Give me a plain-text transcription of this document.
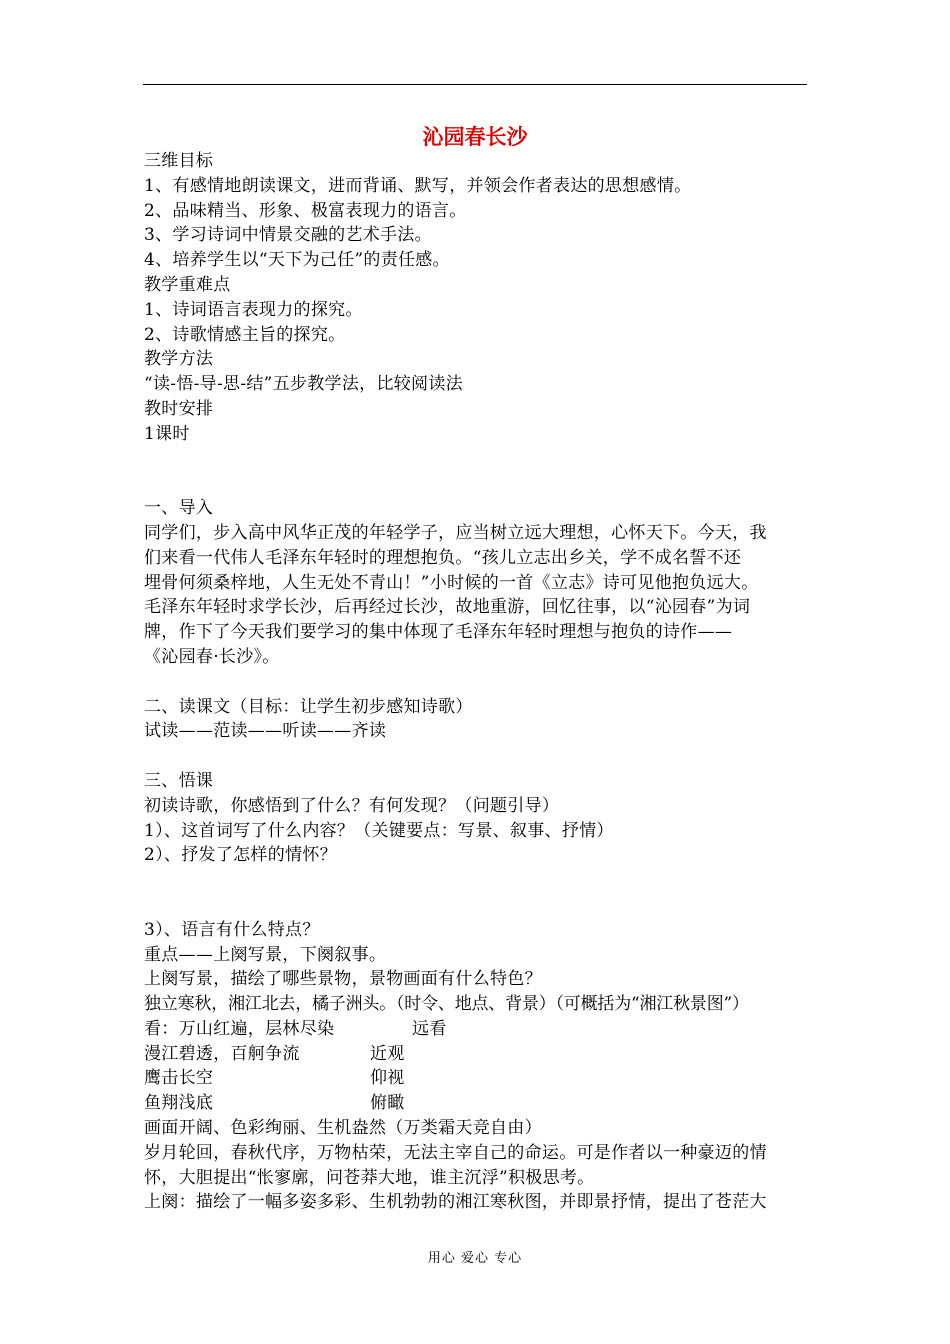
沁园春长沙
三维目标
1、有感情地朗读课文，进而背诵、默写，并领会作者表达的思想感情。
2、品味精当、形象、极富表现力的语言。
3、学习诗词中情景交融的艺术手法。
4、培养学生以“天下为己任”的责任感。
教学重难点
1、诗词语言表现力的探究。
2、诗歌情感主旨的探究。
教学方法
“读-悟-导-思-结”五步教学法，比较阅读法
教时安排
1课时
一、导入
同学们，步入高中风华正茂的年轻学子，应当树立远大理想，心怀天下。今天，我
们来看一代伟人毛泽东年轻时的理想抱负。“孩儿立志出乡关，学不成名誓不还
埋骨何须桑梓地，人生无处不青山！”小时候的一首《立志》诗可见他抱负远大。
毛泽东年轻时求学长沙，后再经过长沙，故地重游，回忆往事，以“沁园春”为词
牌，作下了今天我们要学习的集中体现了毛泽东年轻时理想与抱负的诗作——
《沁园春·长沙》。
二、读课文（目标：让学生初步感知诗歌）
试读——范读——听读——齐读
三、悟课
初读诗歌，你感悟到了什么？有何发现？（问题引导）
1）、这首词写了什么内容？（关键要点：写景、叙事、抒情）
2）、抒发了怎样的情怀？
3）、语言有什么特点？
重点——上阕写景，下阕叙事。
上阕写景，描绘了哪些景物，景物画面有什么特色？
独立寒秋，湘江北去，橘子洲头。（时令、地点、背景）（可概括为“湘江秋景图”）
看：万山红遍，层林尽染	远看
漫江碧透，百舸争流	近观
鹰击长空	仰视
鱼翔浅底	俯瞰
画面开阔、色彩绚丽、生机盎然（万类霜天竞自由）
岁月轮回，春秋代序，万物枯荣，无法主宰自己的命运。可是作者以一种豪迈的情
怀，大胆提出“怅寥廓，问苍莽大地，谁主沉浮”积极思考。
上阕：描绘了一幅多姿多彩、生机勃勃的湘江寒秋图，并即景抒情，提出了苍茫大
用心 爱心 专心
